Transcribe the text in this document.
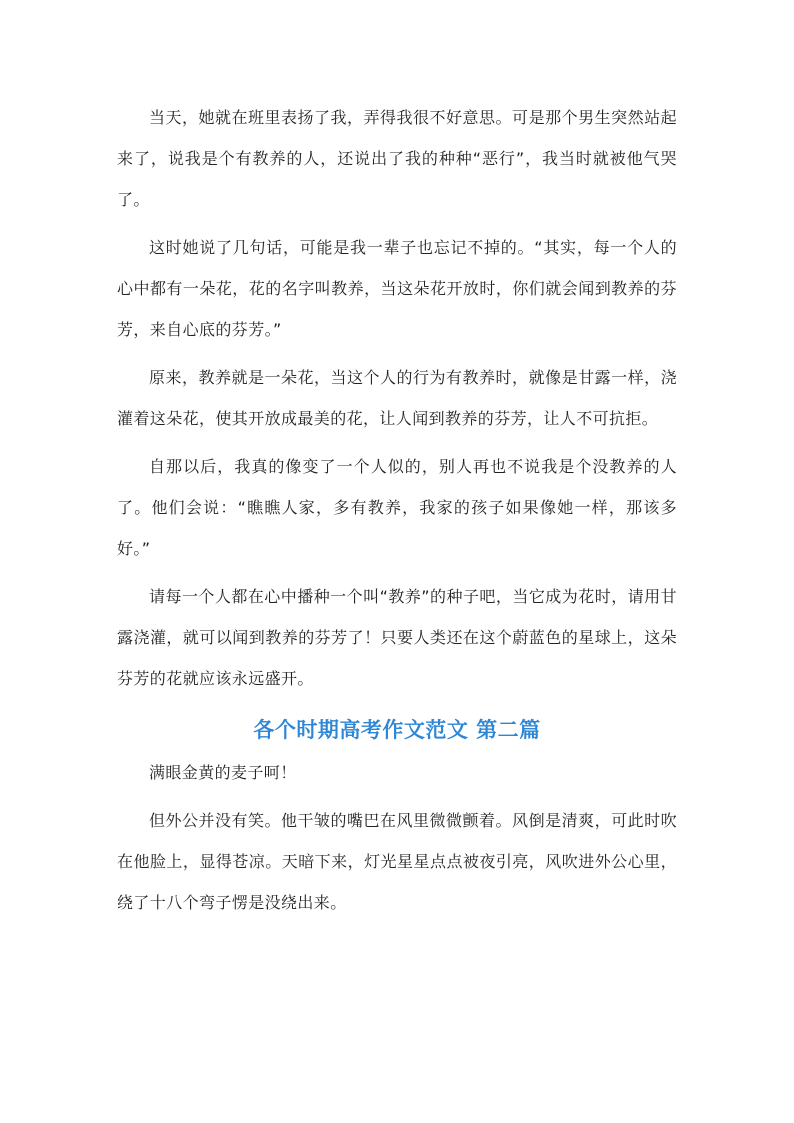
当天，她就在班里表扬了我，弄得我很不好意思。可是那个男生突然站起来了，说我是个有教养的人，还说出了我的种种“恶行”，我当时就被他气哭了。

这时她说了几句话，可能是我一辈子也忘记不掉的。“其实，每一个人的心中都有一朵花，花的名字叫教养，当这朵花开放时，你们就会闻到教养的芬芳，来自心底的芬芳。”

原来，教养就是一朵花，当这个人的行为有教养时，就像是甘露一样，浇灌着这朵花，使其开放成最美的花，让人闻到教养的芬芳，让人不可抗拒。

自那以后，我真的像变了一个人似的，别人再也不说我是个没教养的人了。他们会说：“瞧瞧人家，多有教养，我家的孩子如果像她一样，那该多好。”

请每一个人都在心中播种一个叫“教养”的种子吧，当它成为花时，请用甘露浇灌，就可以闻到教养的芬芳了！只要人类还在这个蔚蓝色的星球上，这朵芬芳的花就应该永远盛开。

各个时期高考作文范文 第二篇

满眼金黄的麦子呵！

但外公并没有笑。他干皱的嘴巴在风里微微颤着。风倒是清爽，可此时吹在他脸上，显得苍凉。天暗下来，灯光星星点点被夜引亮，风吹进外公心里，绕了十八个弯子愣是没绕出来。
